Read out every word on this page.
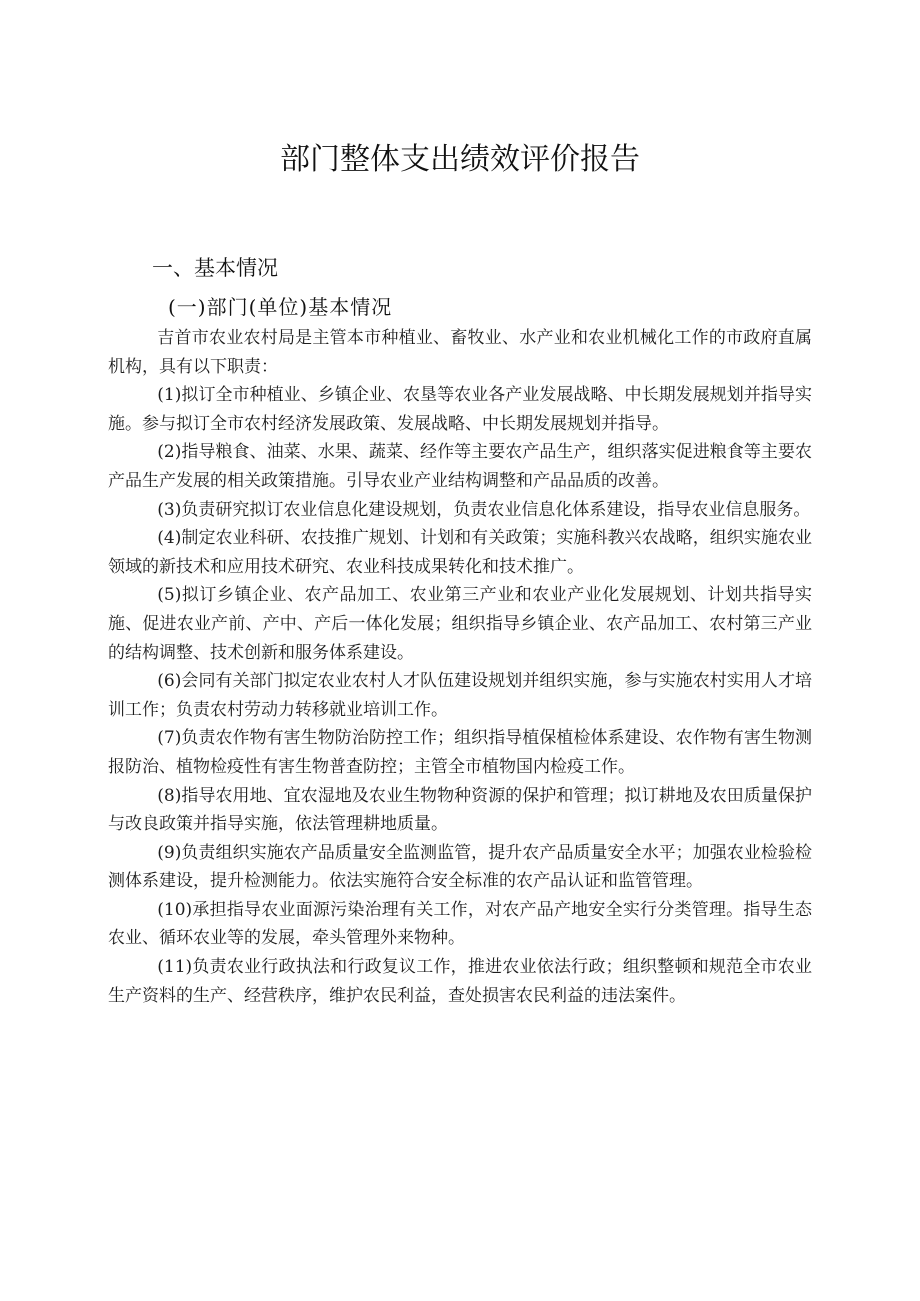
部门整体支出绩效评价报告
一、基本情况
(一)部门(单位)基本情况

吉首市农业农村局是主管本市种植业、畜牧业、水产业和农业机械化工作的市政府直属机构，具有以下职责：

(1)拟订全市种植业、乡镇企业、农垦等农业各产业发展战略、中长期发展规划并指导实施。参与拟订全市农村经济发展政策、发展战略、中长期发展规划并指导。

(2)指导粮食、油菜、水果、蔬菜、经作等主要农产品生产，组织落实促进粮食等主要农产品生产发展的相关政策措施。引导农业产业结构调整和产品品质的改善。

(3)负责研究拟订农业信息化建设规划，负责农业信息化体系建设，指导农业信息服务。

(4)制定农业科研、农技推广规划、计划和有关政策；实施科教兴农战略，组织实施农业领域的新技术和应用技术研究、农业科技成果转化和技术推广。

(5)拟订乡镇企业、农产品加工、农业第三产业和农业产业化发展规划、计划共指导实施、促进农业产前、产中、产后一体化发展；组织指导乡镇企业、农产品加工、农村第三产业的结构调整、技术创新和服务体系建设。

(6)会同有关部门拟定农业农村人才队伍建设规划并组织实施，参与实施农村实用人才培训工作；负责农村劳动力转移就业培训工作。

(7)负责农作物有害生物防治防控工作；组织指导植保植检体系建设、农作物有害生物测报防治、植物检疫性有害生物普查防控；主管全市植物国内检疫工作。

(8)指导农用地、宜农湿地及农业生物物种资源的保护和管理；拟订耕地及农田质量保护与改良政策并指导实施，依法管理耕地质量。

(9)负责组织实施农产品质量安全监测监管，提升农产品质量安全水平；加强农业检验检测体系建设，提升检测能力。依法实施符合安全标准的农产品认证和监管管理。

(10)承担指导农业面源污染治理有关工作，对农产品产地安全实行分类管理。指导生态农业、循环农业等的发展，牵头管理外来物种。

(11)负责农业行政执法和行政复议工作，推进农业依法行政；组织整顿和规范全市农业生产资料的生产、经营秩序，维护农民利益，查处损害农民利益的违法案件。
